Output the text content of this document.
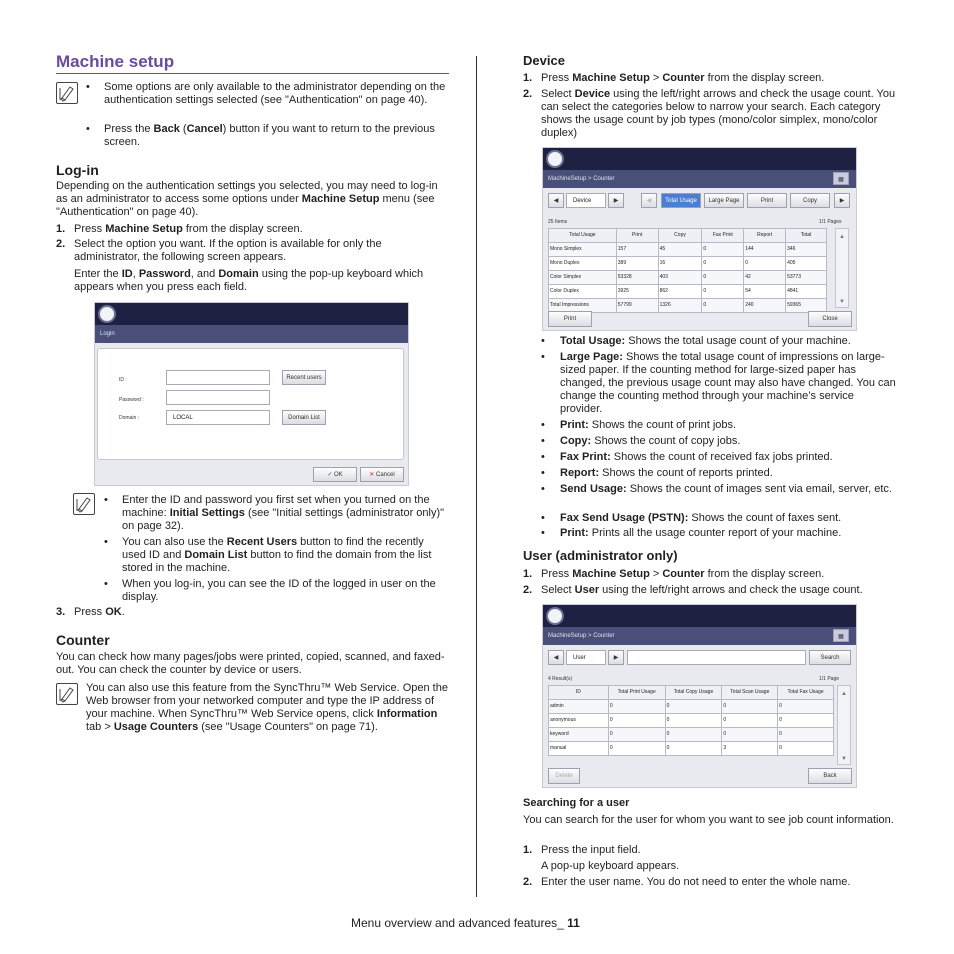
Machine setup
• Some options are only available to the administrator depending on the authentication settings selected (see "Authentication" on page 40).
• Press the Back (Cancel) button if you want to return to the previous screen.
Log-in
Depending on the authentication settings you selected, you may need to log-in as an administrator to access some options under Machine Setup menu (see "Authentication" on page 40).
1. Press Machine Setup from the display screen.
2. Select the option you want. If the option is available for only the administrator, the following screen appears.
Enter the ID, Password, and Domain using the pop-up keyboard which appears when you press each field.
Login
ID :	Recent users
Password :
Domain :	LOCAL	Domain List
✓ OK	✕ Cancel
• Enter the ID and password you first set when you turned on the machine: Initial Settings (see "Initial settings (administrator only)" on page 32).
• You can also use the Recent Users button to find the recently used ID and Domain List button to find the domain from the list stored in the machine.
• When you log-in, you can see the ID of the logged in user on the display.
3. Press OK.
Counter
You can check how many pages/jobs were printed, copied, scanned, and faxed-out. You can check the counter by device or users.
You can also use this feature from the SyncThru™ Web Service. Open the Web browser from your networked computer and type the IP address of your machine. When SyncThru™ Web Service opens, click Information tab > Usage Counters (see "Usage Counters" on page 71).
Device
1. Press Machine Setup > Counter from the display screen.
2. Select Device using the left/right arrows and check the usage count. You can select the categories below to narrow your search. Each category shows the usage count by job types (mono/color simplex, mono/color duplex)
MachineSetup > Counter	▦
◀	Device	▶	◀	Total Usage	Large Page	Print	Copy	▶
25 Items	1/1 Pages
Total Usage	Print	Copy	Fax Print	Report	Total
Mono Simplex	157	45	0	144	346
Mono Duplex	389	16	0	0	405
Color Simplex	53328	403	0	42	53773
Color Duplex	3925	862	0	54	4841
Total Impressions	57799	1326	0	240	59365
▲
▼
Print	Close
• Total Usage: Shows the total usage count of your machine.
• Large Page: Shows the total usage count of impressions on large-sized paper. If the counting method for large-sized paper has changed, the previous usage count may also have changed. You can change the counting method through your machine’s service provider.
• Print: Shows the count of print jobs.
• Copy: Shows the count of copy jobs.
• Fax Print: Shows the count of received fax jobs printed.
• Report: Shows the count of reports printed.
• Send Usage: Shows the count of images sent via email, server, etc.
• Fax Send Usage (PSTN): Shows the count of faxes sent.
• Print: Prints all the usage counter report of your machine.
User (administrator only)
1. Press Machine Setup > Counter from the display screen.
2. Select User using the left/right arrows and check the usage count.
MachineSetup > Counter	▦
◀	User	▶	Search
4 Result(s)	1/1 Page
ID	Total Print Usage	Total Copy Usage	Total Scan Usage	Total Fax Usage
admin	0	0	0	0
anonymous	0	0	0	0
keyword	0	0	0	0
manual	0	0	3	0
▲
▼
Delete	Back
Searching for a user
You can search for the user for whom you want to see job count information.
1. Press the input field.
A pop-up keyboard appears.
2. Enter the user name. You do not need to enter the whole name.
Menu overview and advanced features_ 11
